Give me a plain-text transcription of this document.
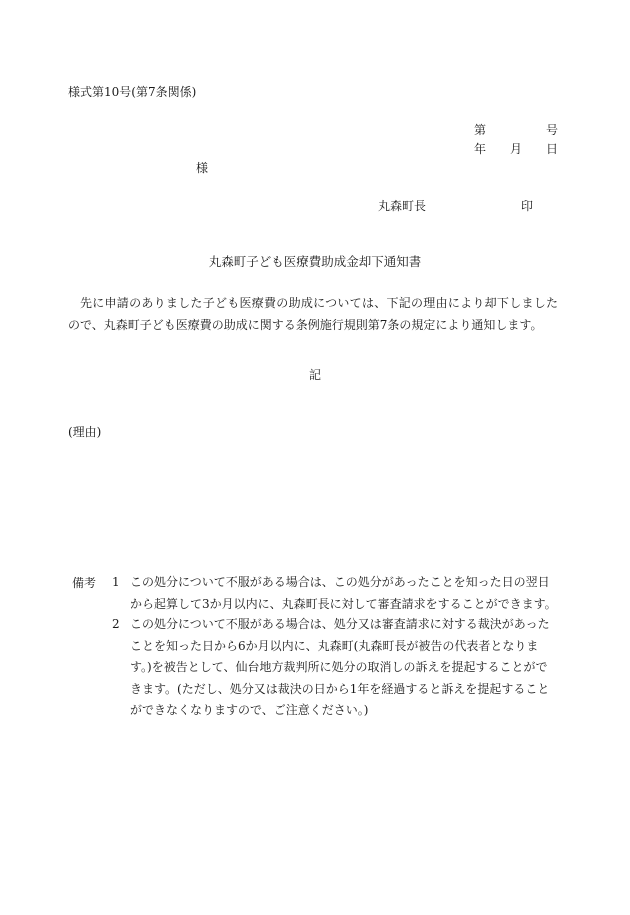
様式第10号(第7条関係)
第	号
年 月 日
様
丸森町長	印
丸森町子ども医療費助成金却下通知書
先に申請のありました子ども医療費の助成については、下記の理由により却下しましたので、丸森町子ども医療費の助成に関する条例施行規則第7条の規定により通知します。
記
(理由)
備考 1 この処分について不服がある場合は、この処分があったことを知った日の翌日から起算して3か月以内に、丸森町長に対して審査請求をすることができます。
2 この処分について不服がある場合は、処分又は審査請求に対する裁決があったことを知った日から6か月以内に、丸森町(丸森町長が被告の代表者となります。)を被告として、仙台地方裁判所に処分の取消しの訴えを提起することができます。(ただし、処分又は裁決の日から1年を経過すると訴えを提起することができなくなりますので、ご注意ください。)
